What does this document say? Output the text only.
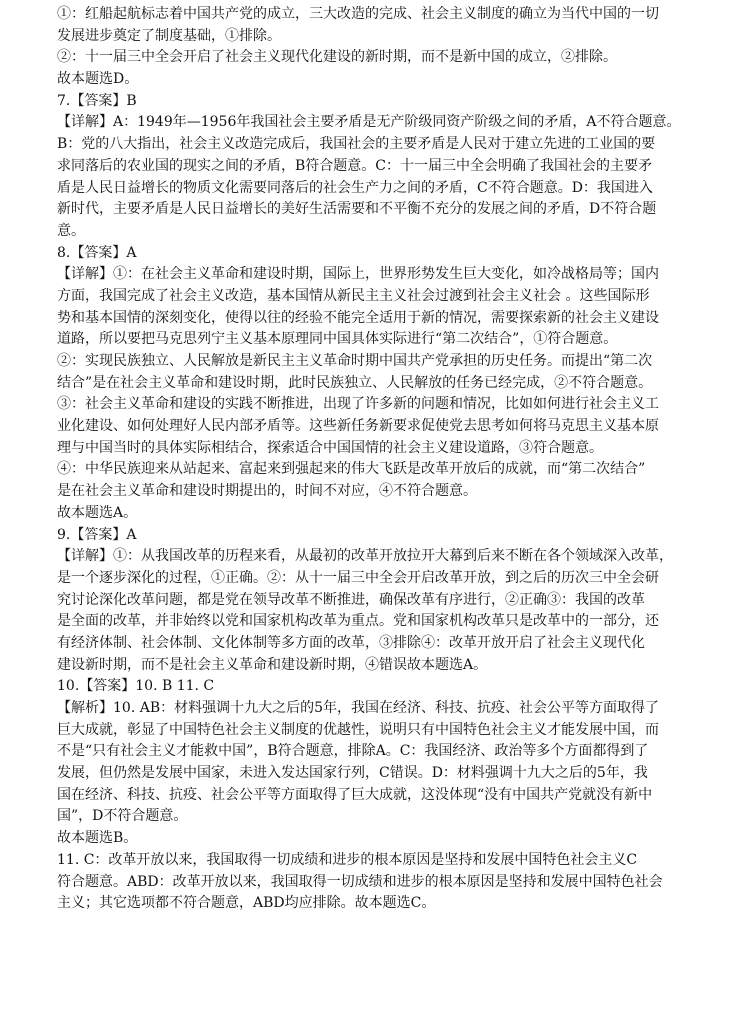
①：红船起航标志着中国共产党的成立，三大改造的完成、社会主义制度的确立为当代中国的一切
发展进步奠定了制度基础，①排除。
②：十一届三中全会开启了社会主义现代化建设的新时期，而不是新中国的成立，②排除。
故本题选D。
7.【答案】B
【详解】A：1949年—1956年我国社会主要矛盾是无产阶级同资产阶级之间的矛盾，A不符合题意。
B：党的八大指出，社会主义改造完成后，我国社会的主要矛盾是人民对于建立先进的工业国的要
求同落后的农业国的现实之间的矛盾，B符合题意。C：十一届三中全会明确了我国社会的主要矛
盾是人民日益增长的物质文化需要同落后的社会生产力之间的矛盾，C不符合题意。D：我国进入
新时代，主要矛盾是人民日益增长的美好生活需要和不平衡不充分的发展之间的矛盾，D不符合题
意。
8.【答案】A
【详解】①：在社会主义革命和建设时期，国际上，世界形势发生巨大变化，如冷战格局等；国内
方面，我国完成了社会主义改造，基本国情从新民主主义社会过渡到社会主义社会 。这些国际形
势和基本国情的深刻变化，使得以往的经验不能完全适用于新的情况，需要探索新的社会主义建设
道路，所以要把马克思列宁主义基本原理同中国具体实际进行“第二次结合”，①符合题意。
②：实现民族独立、人民解放是新民主主义革命时期中国共产党承担的历史任务。而提出“第二次
结合”是在社会主义革命和建设时期，此时民族独立、人民解放的任务已经完成，②不符合题意。
③：社会主义革命和建设的实践不断推进，出现了许多新的问题和情况，比如如何进行社会主义工
业化建设、如何处理好人民内部矛盾等。这些新任务新要求促使党去思考如何将马克思主义基本原
理与中国当时的具体实际相结合，探索适合中国国情的社会主义建设道路，③符合题意。
④：中华民族迎来从站起来、富起来到强起来的伟大飞跃是改革开放后的成就，而“第二次结合”
是在社会主义革命和建设时期提出的，时间不对应，④不符合题意。
故本题选A。
9.【答案】A
【详解】①：从我国改革的历程来看，从最初的改革开放拉开大幕到后来不断在各个领域深入改革，
是一个逐步深化的过程，①正确。②：从十一届三中全会开启改革开放，到之后的历次三中全会研
究讨论深化改革问题，都是党在领导改革不断推进，确保改革有序进行，②正确③：我国的改革
是全面的改革，并非始终以党和国家机构改革为重点。党和国家机构改革只是改革中的一部分，还
有经济体制、社会体制、文化体制等多方面的改革，③排除④：改革开放开启了社会主义现代化
建设新时期，而不是社会主义革命和建设新时期，④错误故本题选A。
10.【答案】10. B 11. C
【解析】10. AB：材料强调十九大之后的5年，我国在经济、科技、抗疫、社会公平等方面取得了
巨大成就，彰显了中国特色社会主义制度的优越性，说明只有中国特色社会主义才能发展中国，而
不是“只有社会主义才能救中国”，B符合题意，排除A。C：我国经济、政治等多个方面都得到了
发展，但仍然是发展中国家，未进入发达国家行列，C错误。D：材料强调十九大之后的5年，我
国在经济、科技、抗疫、社会公平等方面取得了巨大成就，这没体现“没有中国共产党就没有新中
国”，D不符合题意。
故本题选B。
11. C：改革开放以来，我国取得一切成绩和进步的根本原因是坚持和发展中国特色社会主义C
符合题意。ABD：改革开放以来，我国取得一切成绩和进步的根本原因是坚持和发展中国特色社会
主义；其它选项都不符合题意，ABD均应排除。故本题选C。
